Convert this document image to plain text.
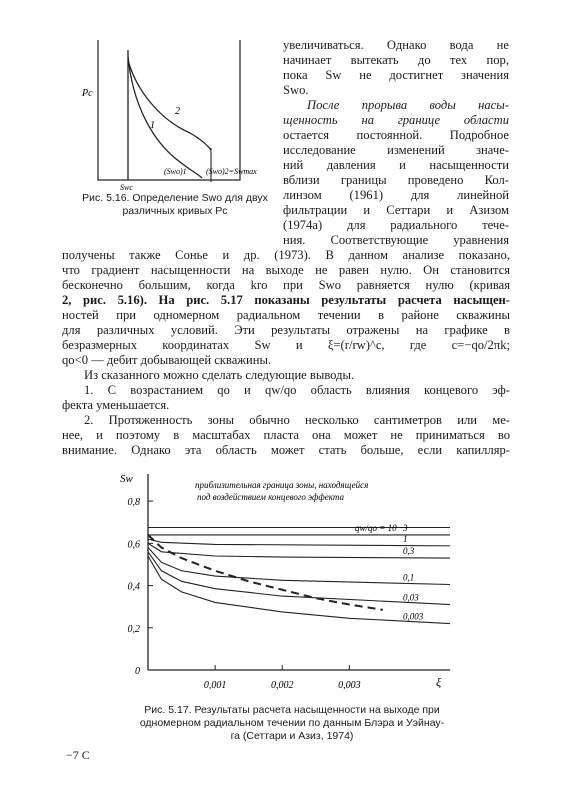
Pc
1
2
Swc
(Swo)1 (Swo)2=Swmax
Рис. 5.16. Определение Swo для двух
различных кривых Pc
увеличиваться. Однако вода не
начинает вытекать до тех пор,
пока Sw не достигнет значения
Swo.
После прорыва воды насы-
щенность на границе области
остается постоянной. Подробное
исследование изменений значе-
ний давления и насыщенности
вблизи границы проведено Кол-
линзом (1961) для линейной
фильтрации и Сеттари и Азизом
(1974а) для радиального тече-
ния. Соответствующие уравнения
получены также Сонье и др. (1973). В данном анализе показано,
что градиент насыщенности на выходе не равен нулю. Он становится
бесконечно большим, когда kro при Swo равняется нулю (кривая
2, рис. 5.16). На рис. 5.17 показаны результаты расчета насыщен-
ностей при одномерном радиальном течении в районе скважины
для различных условий. Эти результаты отражены на графике в
безразмерных координатах Sw и ξ=(r/rw)^c, где c=−qo/2πk;
qo<0 — дебит добывающей скважины.
Из сказанного можно сделать следующие выводы.
1. С возрастанием qo и qw/qo область влияния концевого эф-
фекта уменьшается.
2. Протяженность зоны обычно несколько сантиметров или ме-
нее, и поэтому в масштабах пласта она может не приниматься во
внимание. Однако эта область может стать больше, если капилляр-
0
0,2
0,4
0,6
0,8
0,001	0,002	0,003
3
1
0,3
0,1
0,03
0,003
Sw
ξ
приблизительная граница зоны, находящейся
под воздействием концевого эффекта
qw/qo = 10
Рис. 5.17. Результаты расчета насыщенности на выходе при
одномерном радиальном течении по данным Блэра и Уэйнау-
га (Сеттари и Азиз, 1974)
−7 С
